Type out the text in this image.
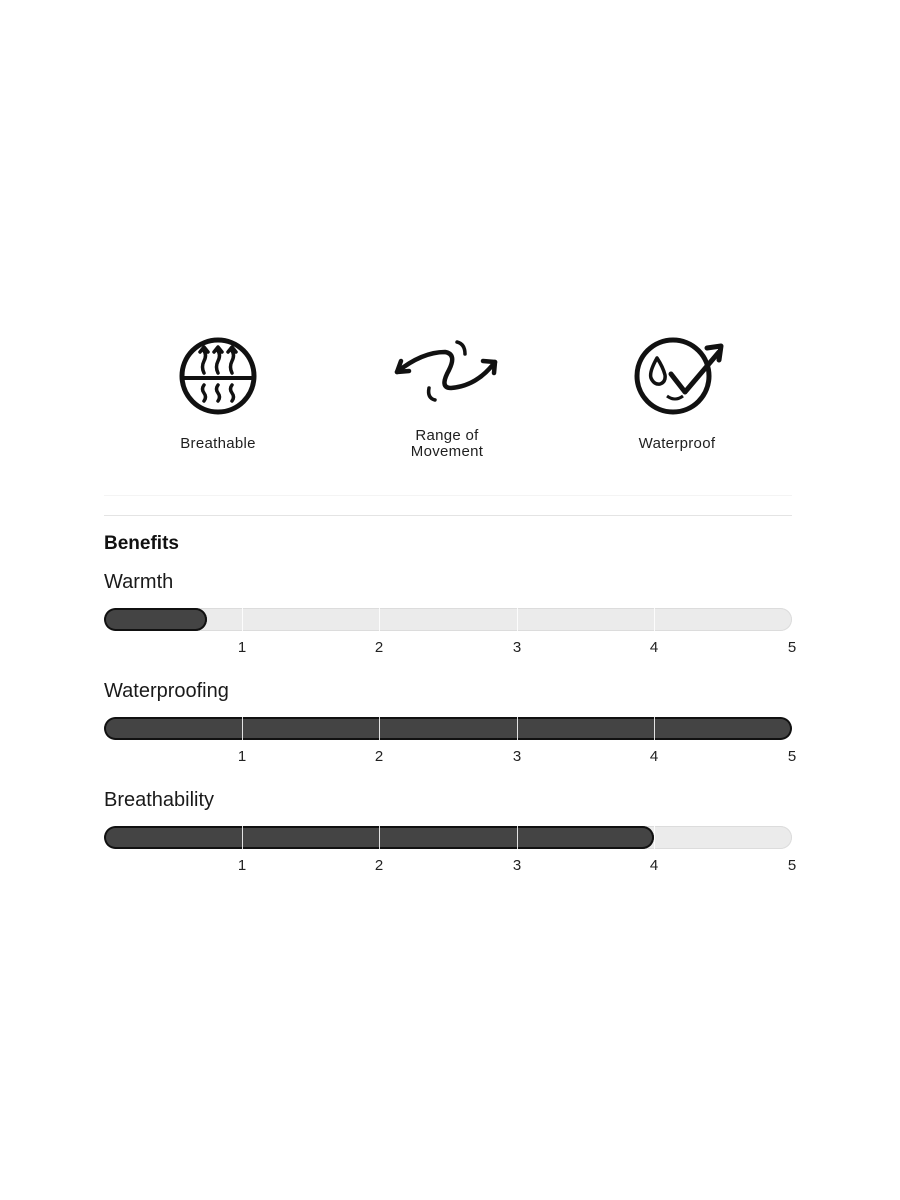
Breathable	Range of
Movement	Waterproof
Benefits
Warmth
1	2	3	4	5
Waterproofing
1	2	3	4	5
Breathability
1	2	3	4	5
